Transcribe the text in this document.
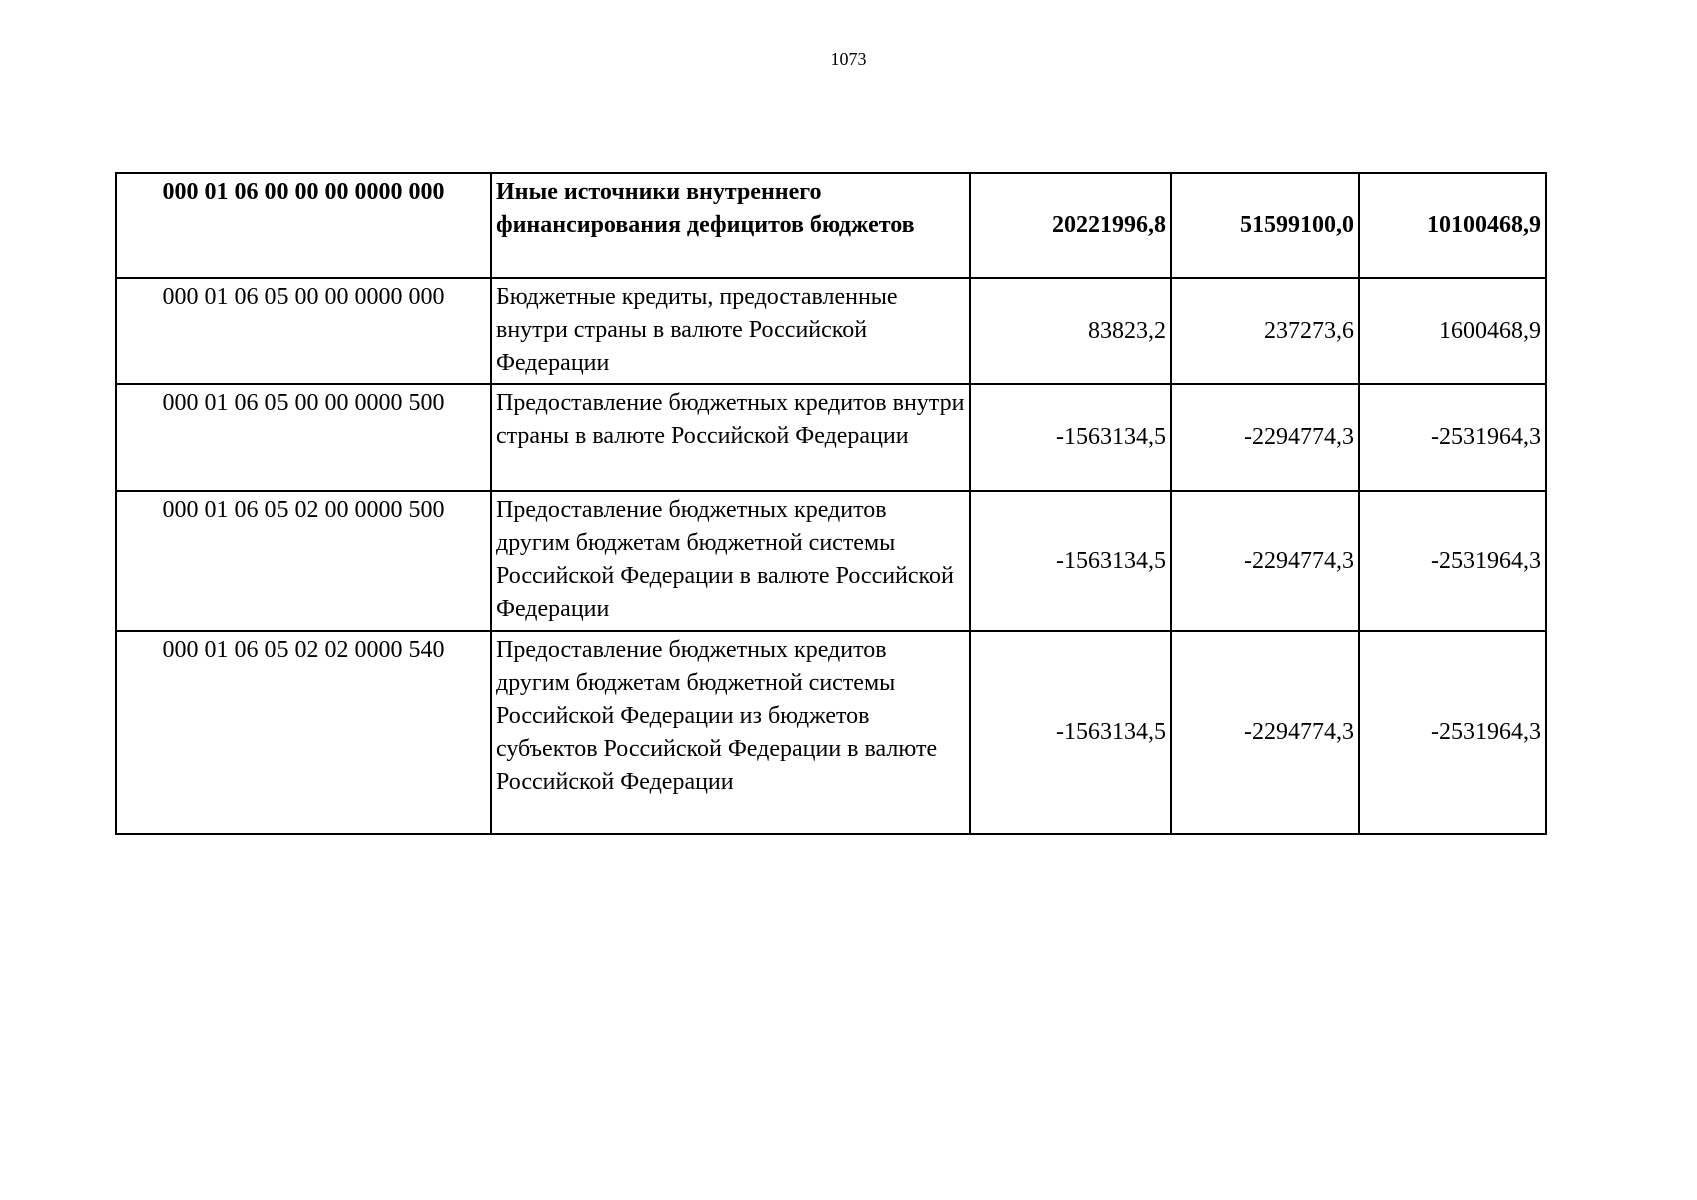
1073
000 01 06 00 00 00 0000 000	Иные источники внутреннего финансирования дефицитов бюджетов	20221996,8	51599100,0	10100468,9
000 01 06 05 00 00 0000 000	Бюджетные кредиты, предоставленные внутри страны в валюте Российской Федерации	83823,2	237273,6	1600468,9
000 01 06 05 00 00 0000 500	Предоставление бюджетных кредитов внутри страны в валюте Российской Федерации	-1563134,5	-2294774,3	-2531964,3
000 01 06 05 02 00 0000 500	Предоставление бюджетных кредитов другим бюджетам бюджетной системы Российской Федерации в валюте Российской Федерации	-1563134,5	-2294774,3	-2531964,3
000 01 06 05 02 02 0000 540	Предоставление бюджетных кредитов другим бюджетам бюджетной системы Российской Федерации из бюджетов субъектов Российской Федерации в валюте Российской Федерации	-1563134,5	-2294774,3	-2531964,3
